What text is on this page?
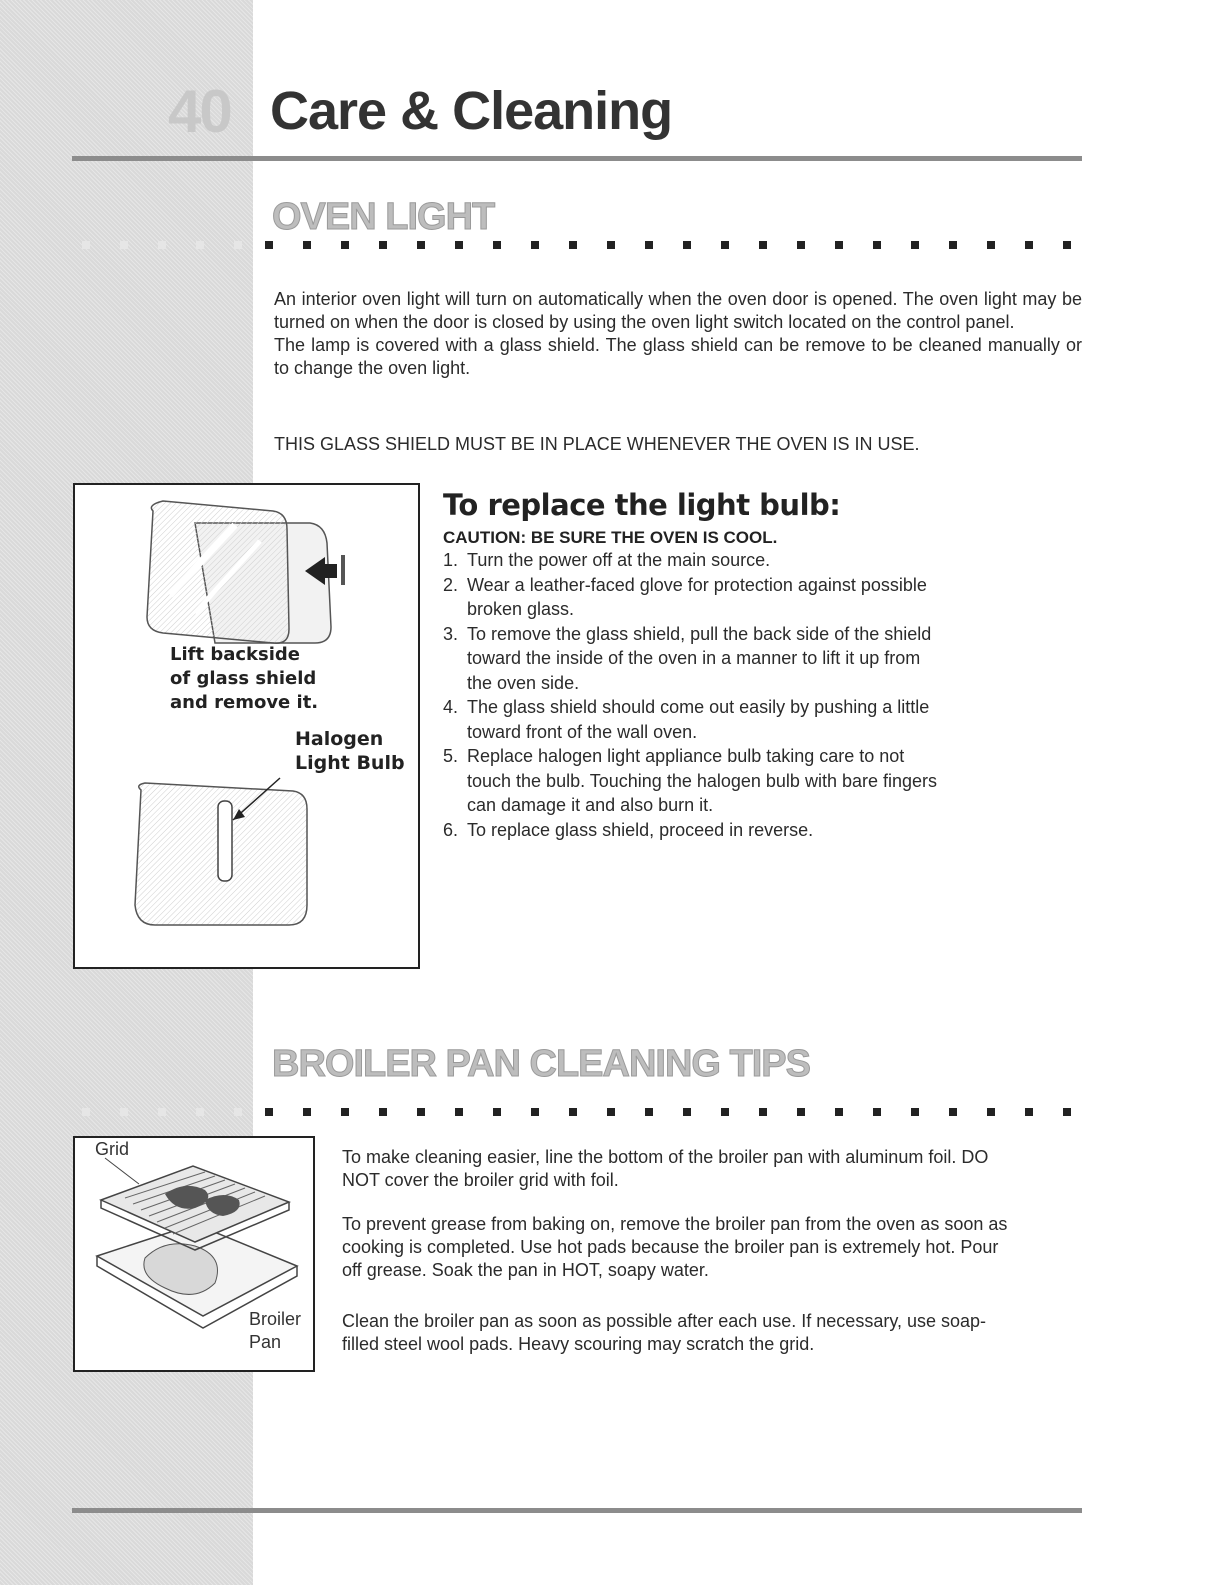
40 Care & Cleaning
OVEN LIGHT

An interior oven light will turn on automatically when the oven door is opened. The oven light may be turned on when the door is closed by using the oven light switch located on the control panel.

The lamp is covered with a glass shield. The glass shield can be remove to be cleaned manually or to change the oven light.

THIS GLASS SHIELD MUST BE IN PLACE WHENEVER THE OVEN IS IN USE.
Lift backside
of glass shield
and remove it.
Halogen
Light Bulb
To replace the light bulb:
CAUTION: BE SURE THE OVEN IS COOL.
1. Turn the power off at the main source.
2. Wear a leather-faced glove for protection against possible broken glass.
3. To remove the glass shield, pull the back side of the shield toward the inside of the oven in a manner to lift it up from the oven side.
4. The glass shield should come out easily by pushing a little toward front of the wall oven.
5. Replace halogen light appliance bulb taking care to not touch the bulb. Touching the halogen bulb with bare fingers can damage it and also burn it.
6. To replace glass shield, proceed in reverse.
BROILER PAN CLEANING TIPS
Grid
Broiler
Pan
To make cleaning easier, line the bottom of the broiler pan with aluminum foil. DO NOT cover the broiler grid with foil.
To prevent grease from baking on, remove the broiler pan from the oven as soon as cooking is completed. Use hot pads because the broiler pan is extremely hot. Pour off grease. Soak the pan in HOT, soapy water.
Clean the broiler pan as soon as possible after each use. If necessary, use soap-filled steel wool pads. Heavy scouring may scratch the grid.
